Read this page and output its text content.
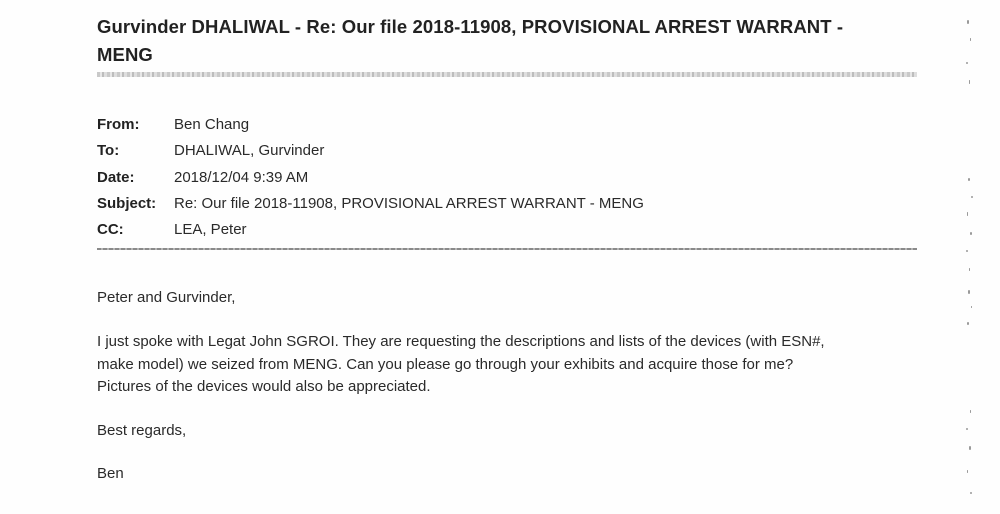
Gurvinder DHALIWAL - Re: Our file 2018-11908, PROVISIONAL ARREST WARRANT -
MENG
From: Ben Chang
To:	DHALIWAL, Gurvinder
Date:	2018/12/04 9:39 AM
Subject: Re: Our file 2018-11908, PROVISIONAL ARREST WARRANT - MENG
CC:	LEA, Peter

Peter and Gurvinder,

I just spoke with Legat John SGROI. They are requesting the descriptions and lists of the devices (with ESN#,
make model) we seized from MENG. Can you please go through your exhibits and acquire those for me?
Pictures of the devices would also be appreciated.

Best regards,

Ben
